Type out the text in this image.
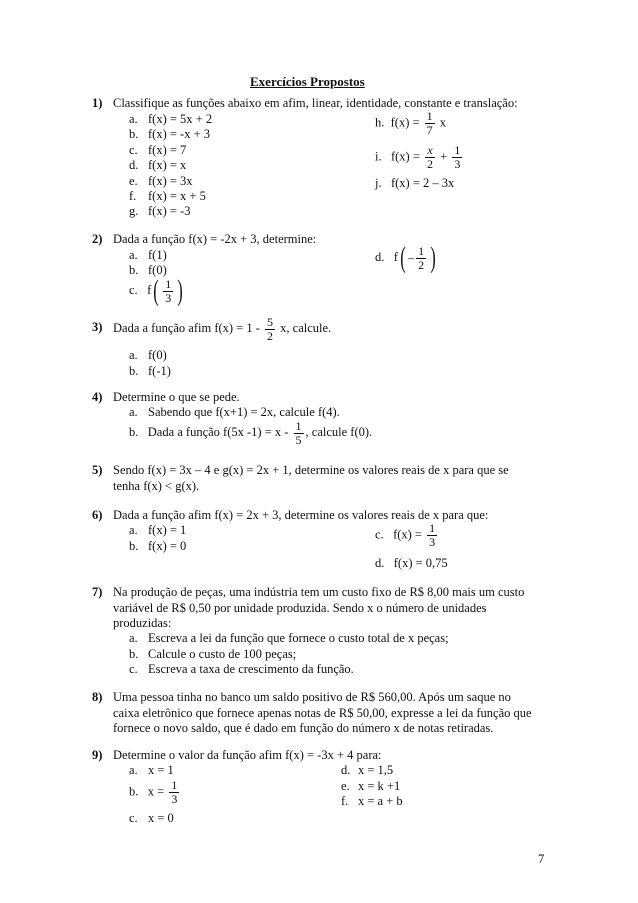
Exercícios Propostos
1) Classifique as funções abaixo em afim, linear, identidade, constante e translação:
a. f(x) = 5x + 2
b. f(x) = -x + 3
c. f(x) = 7
d. f(x) = x
e. f(x) = 3x
f. f(x) = x + 5
g. f(x) = -3
h. $f(x) = \frac{1}{7}$ x
i. $f(x) = \frac{x}{2} + \frac{1}{3}$
j. f(x) = 2 – 3x
2) Dada a função f(x) = -2x + 3, determine:
a. f(1)
b. f(0)
c. $f( \frac{1}{3}$ )
d. $f( - \frac{1}{2}$ )
3) Dada a função afim $f(x) = 1 - \frac{5}{2} x$, calcule.
a. f(0)
b. f(-1)
4) Determine o que se pede.
a. Sabendo que f(x+1) = 2x, calcule f(4).
b. Dada a função f(5x $-1) = x - \frac{1}{5}$ , calcule f(0).
5) Sendo f(x) = 3x – 4 e g(x) = 2x + 1, determine os valores reais de x para que se
tenha f(x) < g(x).
6) Dada a função afim f(x) = 2x + 3, determine os valores reais de x para que:
a. f(x) = 1
b. f(x) = 0
c. $f(x) = \frac{1}{3}$
d. f(x) = 0,75
7) Na produção de peças, uma indústria tem um custo fixo de R$ 8,00 mais um custo
variável de R$ 0,50 por unidade produzida. Sendo x o número de unidades
produzidas:
a. Escreva a lei da função que fornece o custo total de x peças;
b. Calcule o custo de 100 peças;
c. Escreva a taxa de crescimento da função.
8) Uma pessoa tinha no banco um saldo positivo de R$ 560,00. Após um saque no
caixa eletrônico que fornece apenas notas de R$ 50,00, expresse a lei da função que
fornece o novo saldo, que é dado em função do número x de notas retiradas.
9) Determine o valor da função afim f(x) = -3x + 4 para:
a. x = 1
b. $x = \frac{1}{3}$
c. x = 0
d. x = 1,5
e. x = k +1
f. x = a + b
7
